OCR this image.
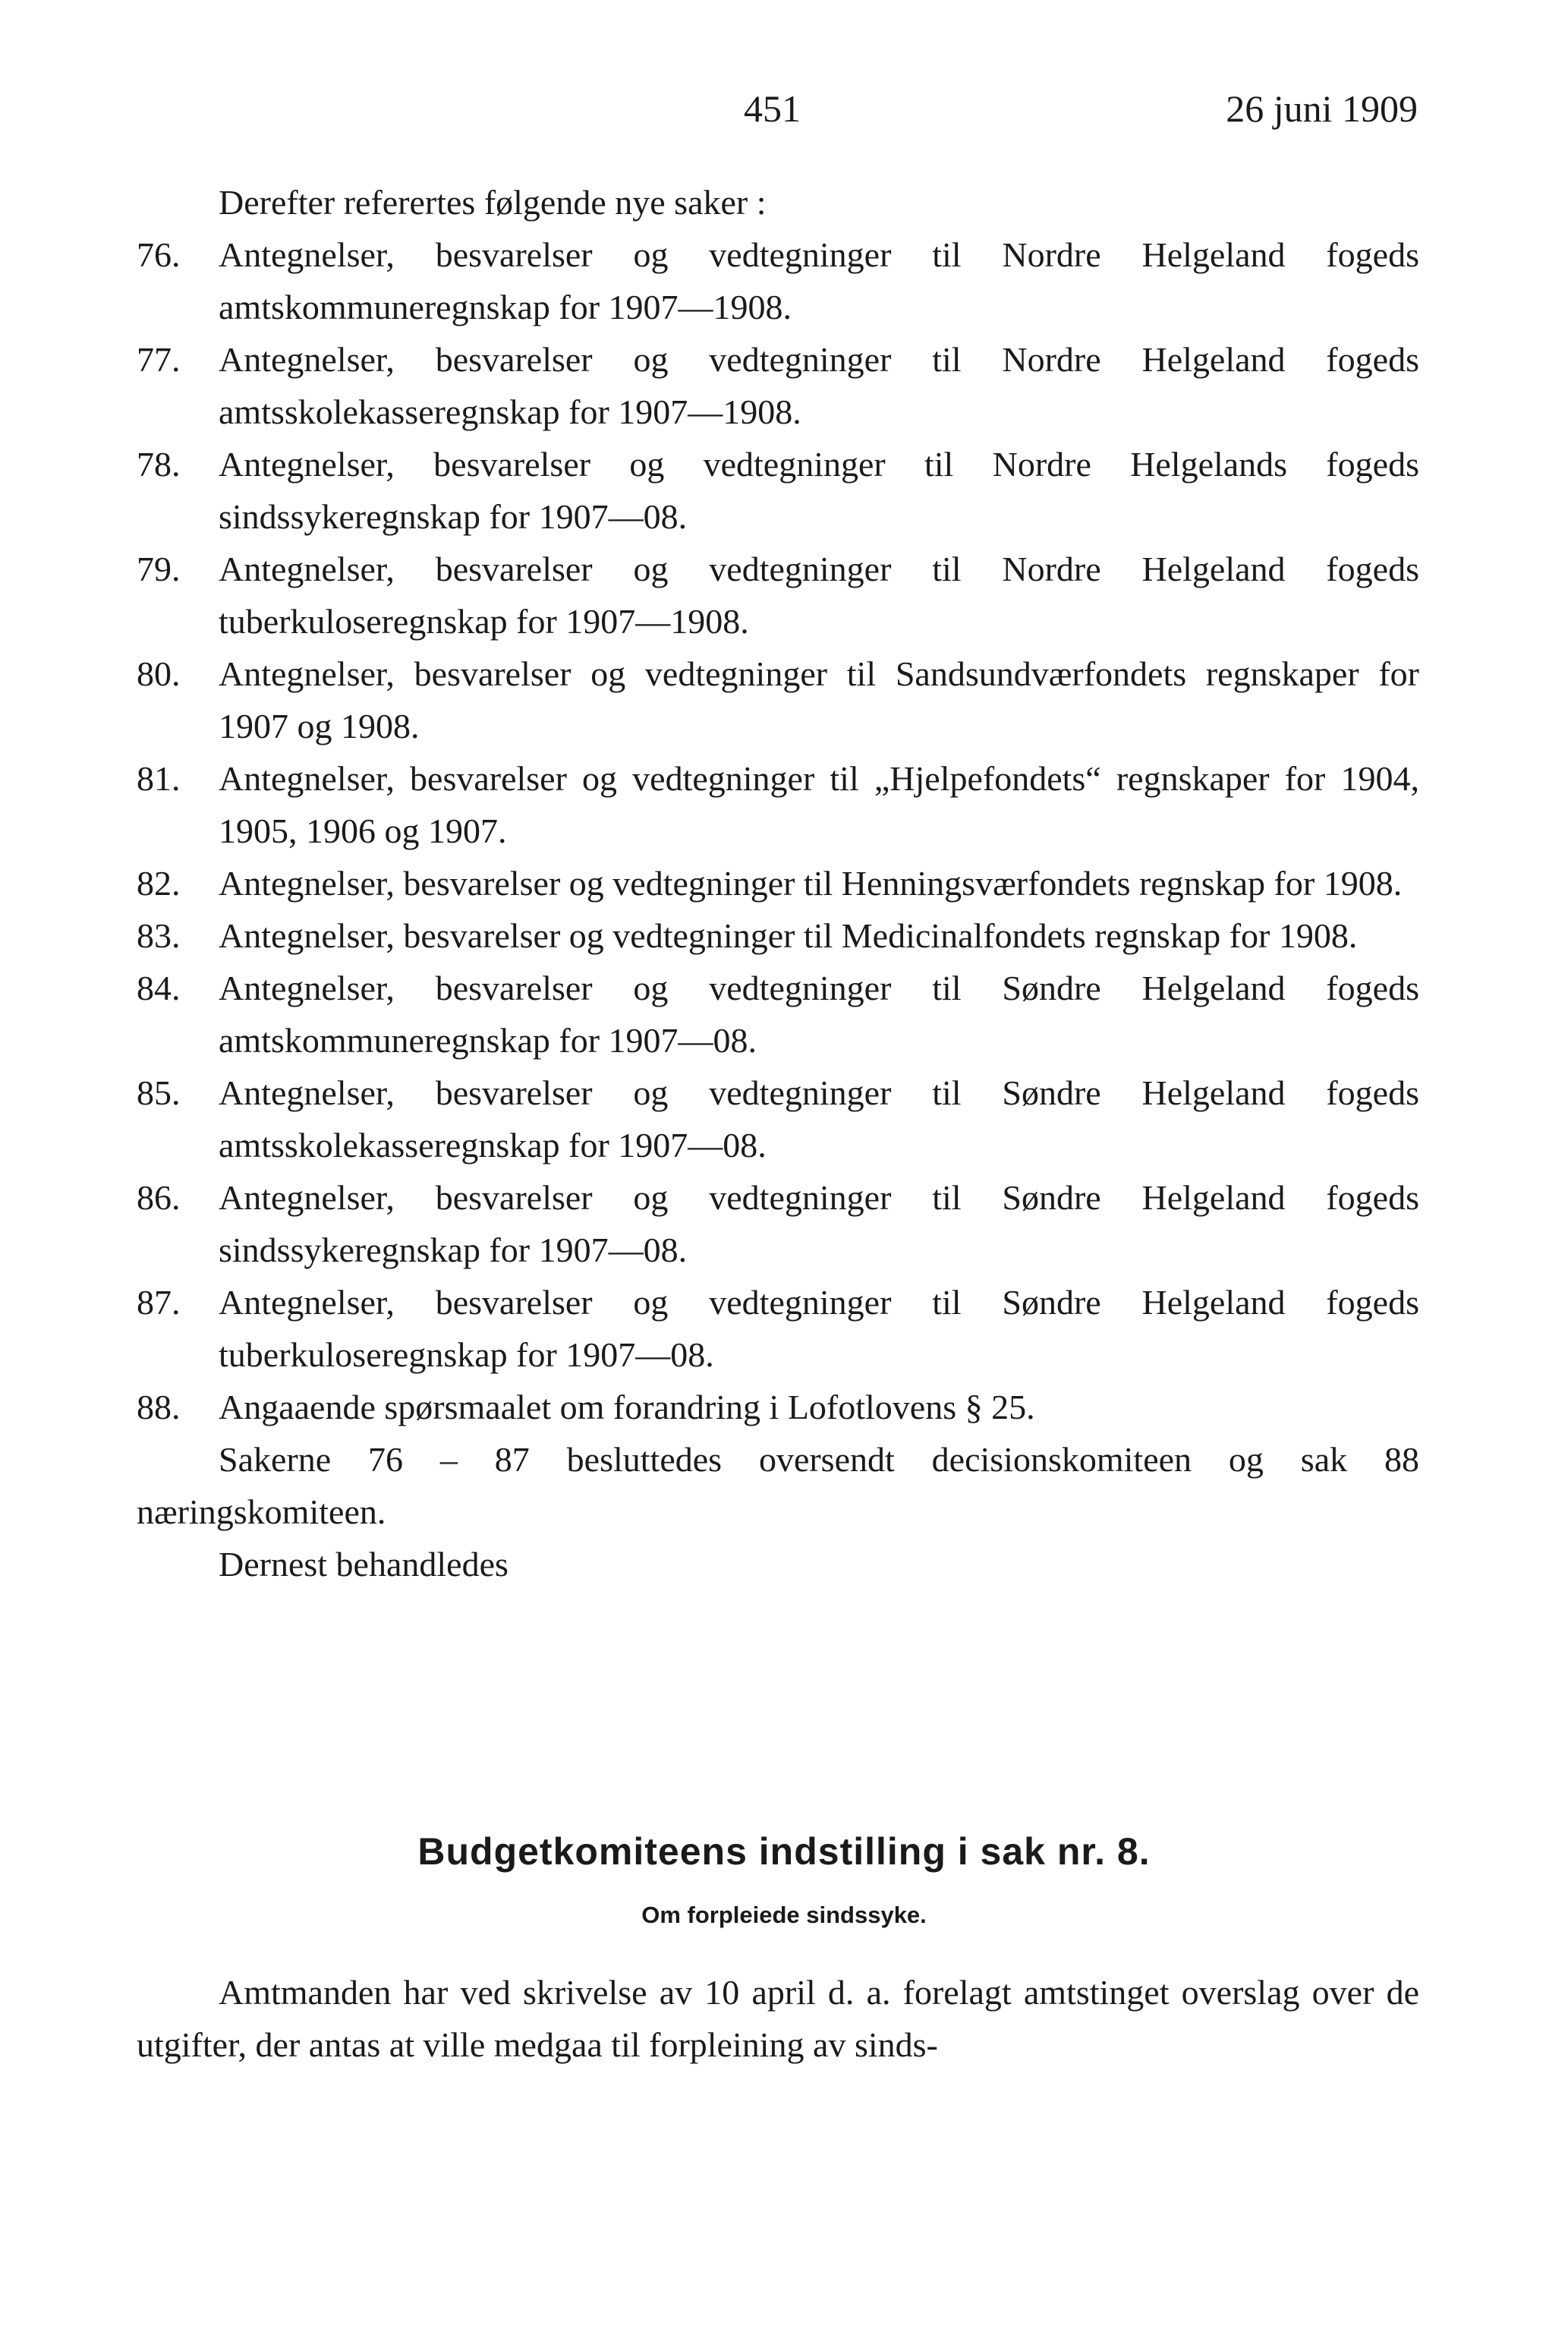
451	26 juni 1909

Derefter referertes følgende nye saker :

76. Antegnelser, besvarelser og vedtegninger til Nordre Helgeland fogeds amtskommuneregnskap for 1907—1908.

77. Antegnelser, besvarelser og vedtegninger til Nordre Helgeland fogeds amtsskolekasseregnskap for 1907—1908.

78. Antegnelser, besvarelser og vedtegninger til Nordre Helgelands fogeds sindssykeregnskap for 1907—08.

79. Antegnelser, besvarelser og vedtegninger til Nordre Helgeland fogeds tuberkuloseregnskap for 1907—1908.

80. Antegnelser, besvarelser og vedtegninger til Sandsundværfondets regnskaper for 1907 og 1908.

81. Antegnelser, besvarelser og vedtegninger til „Hjelpefondets“ regnskaper for 1904, 1905, 1906 og 1907.

82. Antegnelser, besvarelser og vedtegninger til Henningsværfondets regnskap for 1908.

83. Antegnelser, besvarelser og vedtegninger til Medicinalfondets regnskap for 1908.

84. Antegnelser, besvarelser og vedtegninger til Søndre Helgeland fogeds amtskommuneregnskap for 1907—08.

85. Antegnelser, besvarelser og vedtegninger til Søndre Helgeland fogeds amtsskolekasseregnskap for 1907—08.

86. Antegnelser, besvarelser og vedtegninger til Søndre Helgeland fogeds sindssykeregnskap for 1907—08.

87. Antegnelser, besvarelser og vedtegninger til Søndre Helgeland fogeds tuberkuloseregnskap for 1907—08.

88. Angaaende spørsmaalet om forandring i Lofotlovens § 25.

Sakerne 76 – 87 besluttedes oversendt decisionskomiteen og sak 88 næringskomiteen.

Dernest behandledes

Budgetkomiteens indstilling i sak nr. 8.
Om forpleiede sindssyke.

Amtmanden har ved skrivelse av 10 april d. a. forelagt amtstinget overslag over de utgifter, der antas at ville medgaa til forpleining av sinds-
